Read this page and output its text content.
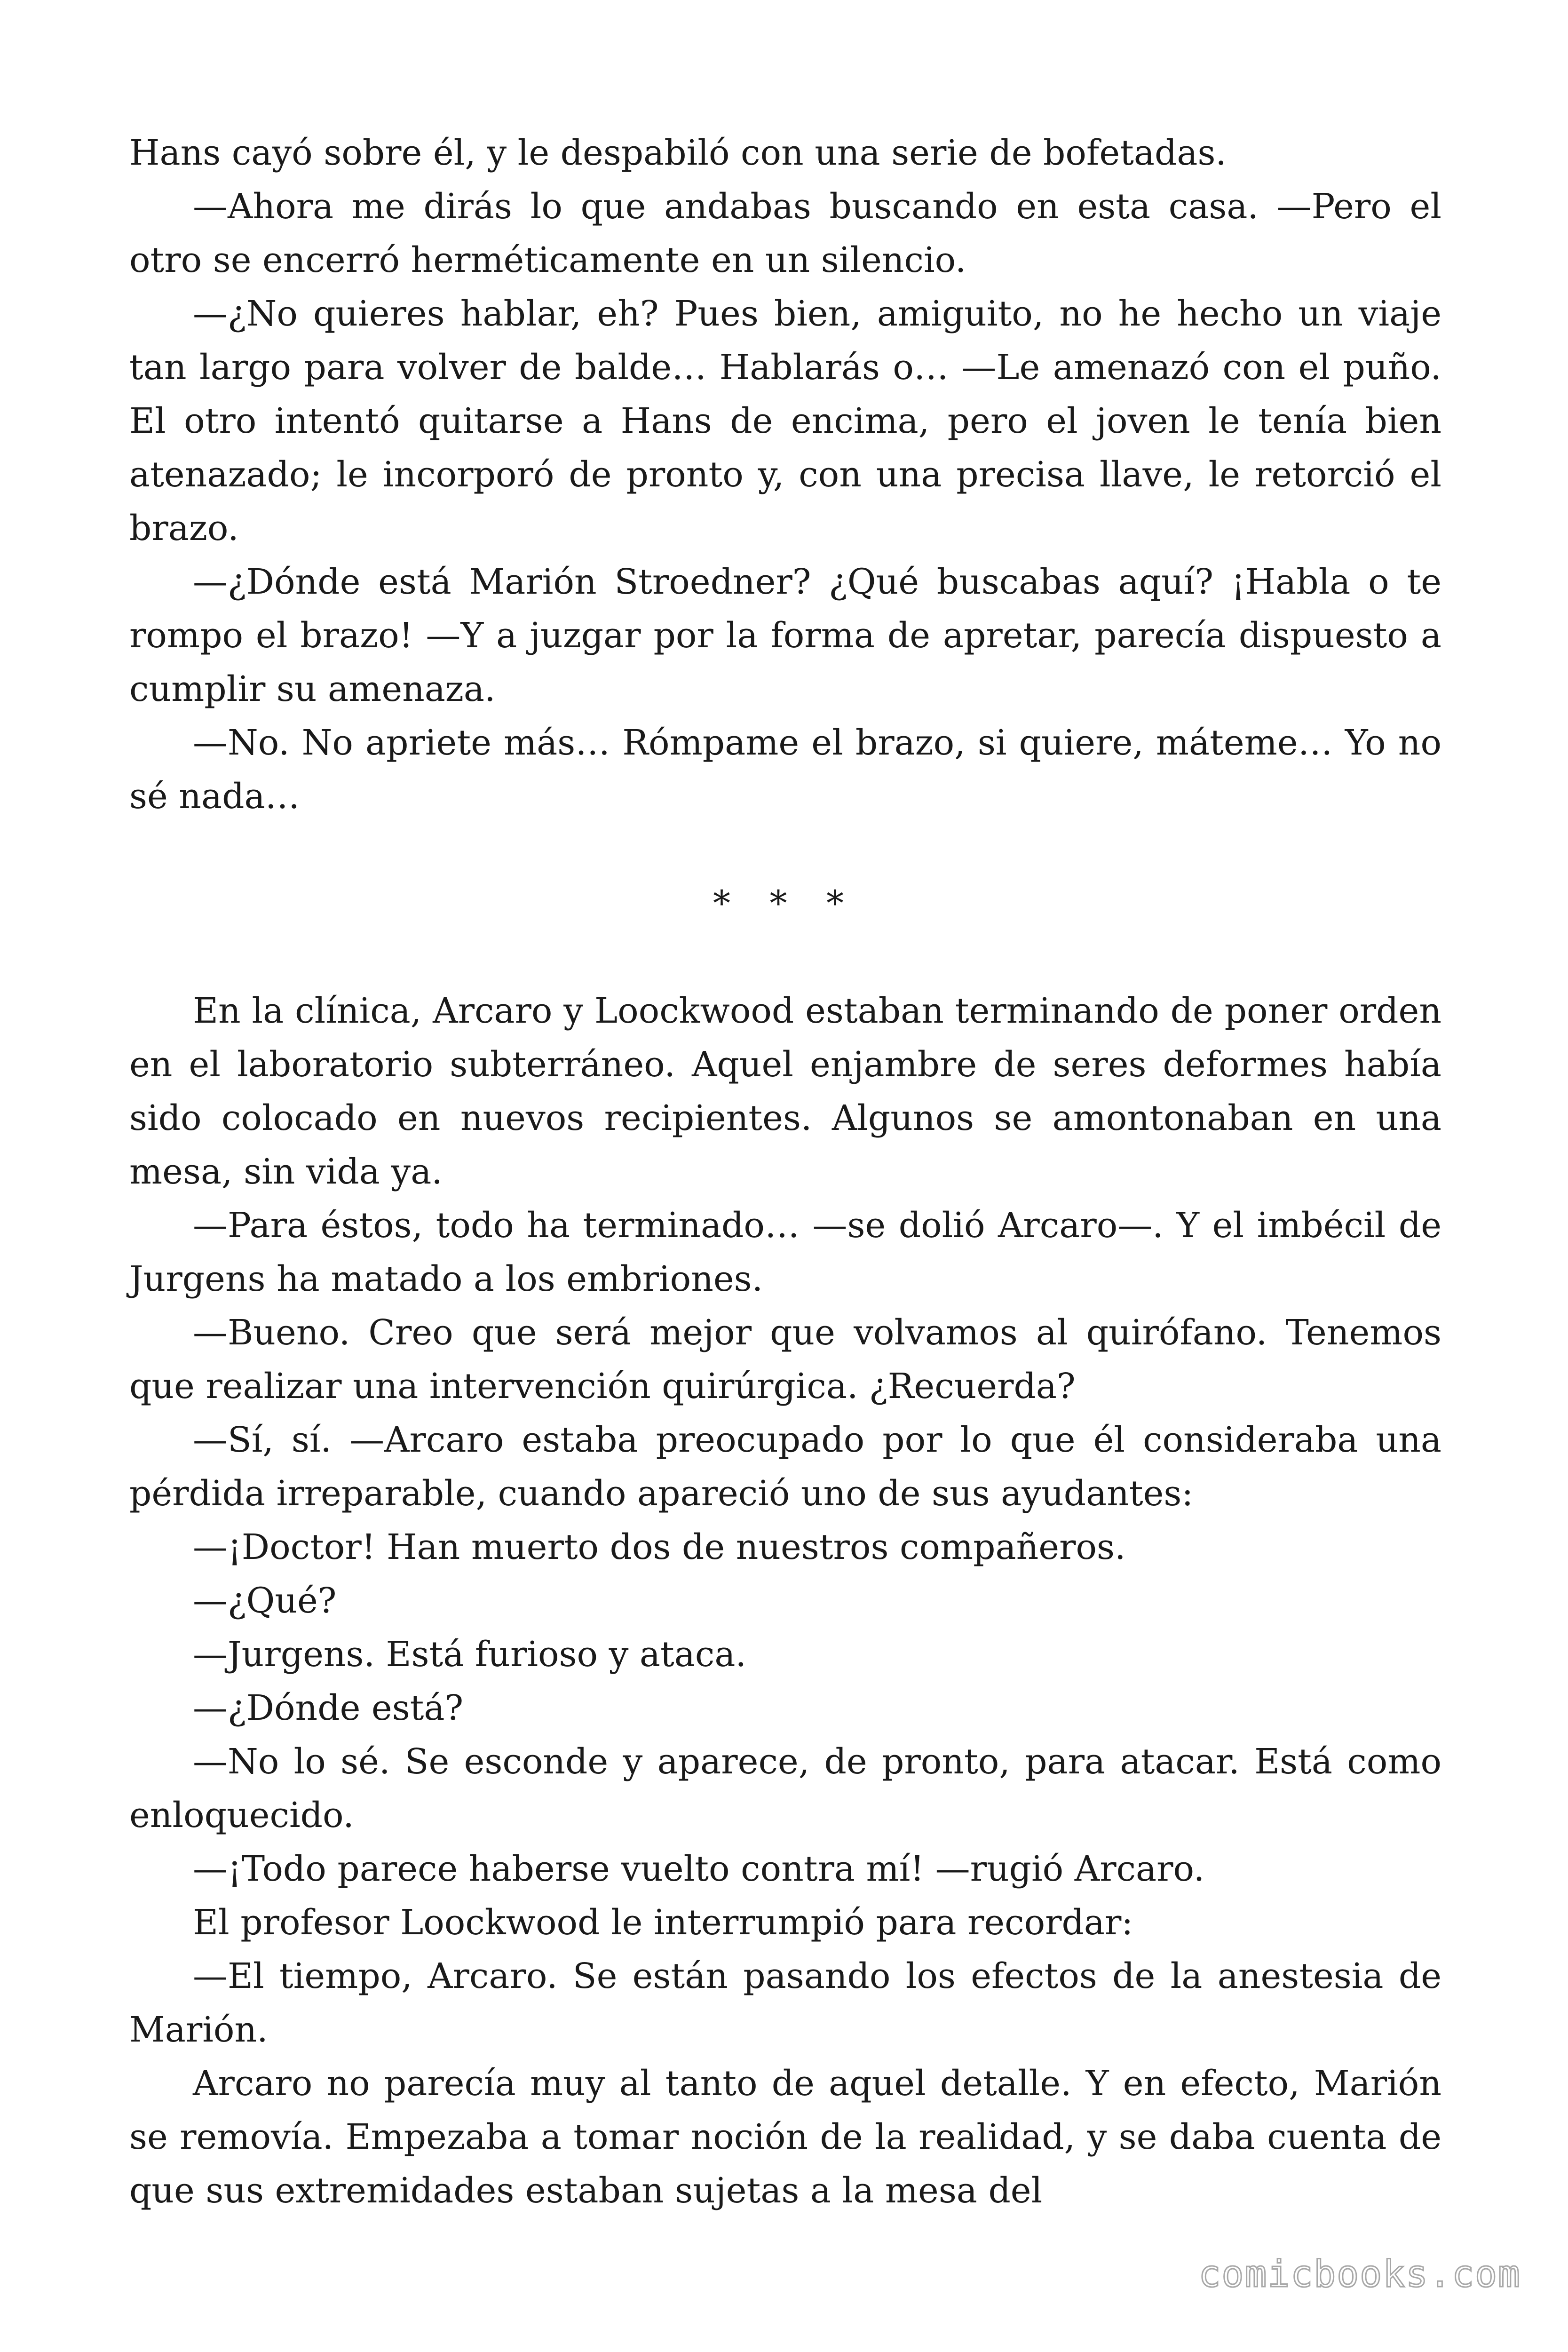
Hans cayó sobre él, y le despabiló con una serie de bofetadas.

—Ahora me dirás lo que andabas buscando en esta casa. —Pero el otro se encerró herméticamente en un silencio.

—¿No quieres hablar, eh? Pues bien, amiguito, no he hecho un viaje tan largo para volver de balde… Hablarás o… —Le amenazó con el puño. El otro intentó quitarse a Hans de encima, pero el joven le tenía bien atenazado; le incorporó de pronto y, con una precisa llave, le retorció el brazo.

—¿Dónde está Marión Stroedner? ¿Qué buscabas aquí? ¡Habla o te rompo el brazo! —Y a juzgar por la forma de apretar, parecía dispuesto a cumplir su amenaza.

—No. No apriete más… Rómpame el brazo, si quiere, máteme… Yo no sé nada…

* * *

En la clínica, Arcaro y Loockwood estaban terminando de poner orden en el laboratorio subterráneo. Aquel enjambre de seres deformes había sido colocado en nuevos recipientes. Algunos se amontonaban en una mesa, sin vida ya.

—Para éstos, todo ha terminado… —se dolió Arcaro—. Y el imbécil de Jurgens ha matado a los embriones.

—Bueno. Creo que será mejor que volvamos al quirófano. Tenemos que realizar una intervención quirúrgica. ¿Recuerda?

—Sí, sí. —Arcaro estaba preocupado por lo que él consideraba una pérdida irreparable, cuando apareció uno de sus ayudantes:

—¡Doctor! Han muerto dos de nuestros compañeros.

—¿Qué?

—Jurgens. Está furioso y ataca.

—¿Dónde está?

—No lo sé. Se esconde y aparece, de pronto, para atacar. Está como enloquecido.

—¡Todo parece haberse vuelto contra mí! —rugió Arcaro.

El profesor Loockwood le interrumpió para recordar:

—El tiempo, Arcaro. Se están pasando los efectos de la anestesia de Marión.

Arcaro no parecía muy al tanto de aquel detalle. Y en efecto, Marión se removía. Empezaba a tomar noción de la realidad, y se daba cuenta de que sus extremidades estaban sujetas a la mesa del

comicbooks.com
